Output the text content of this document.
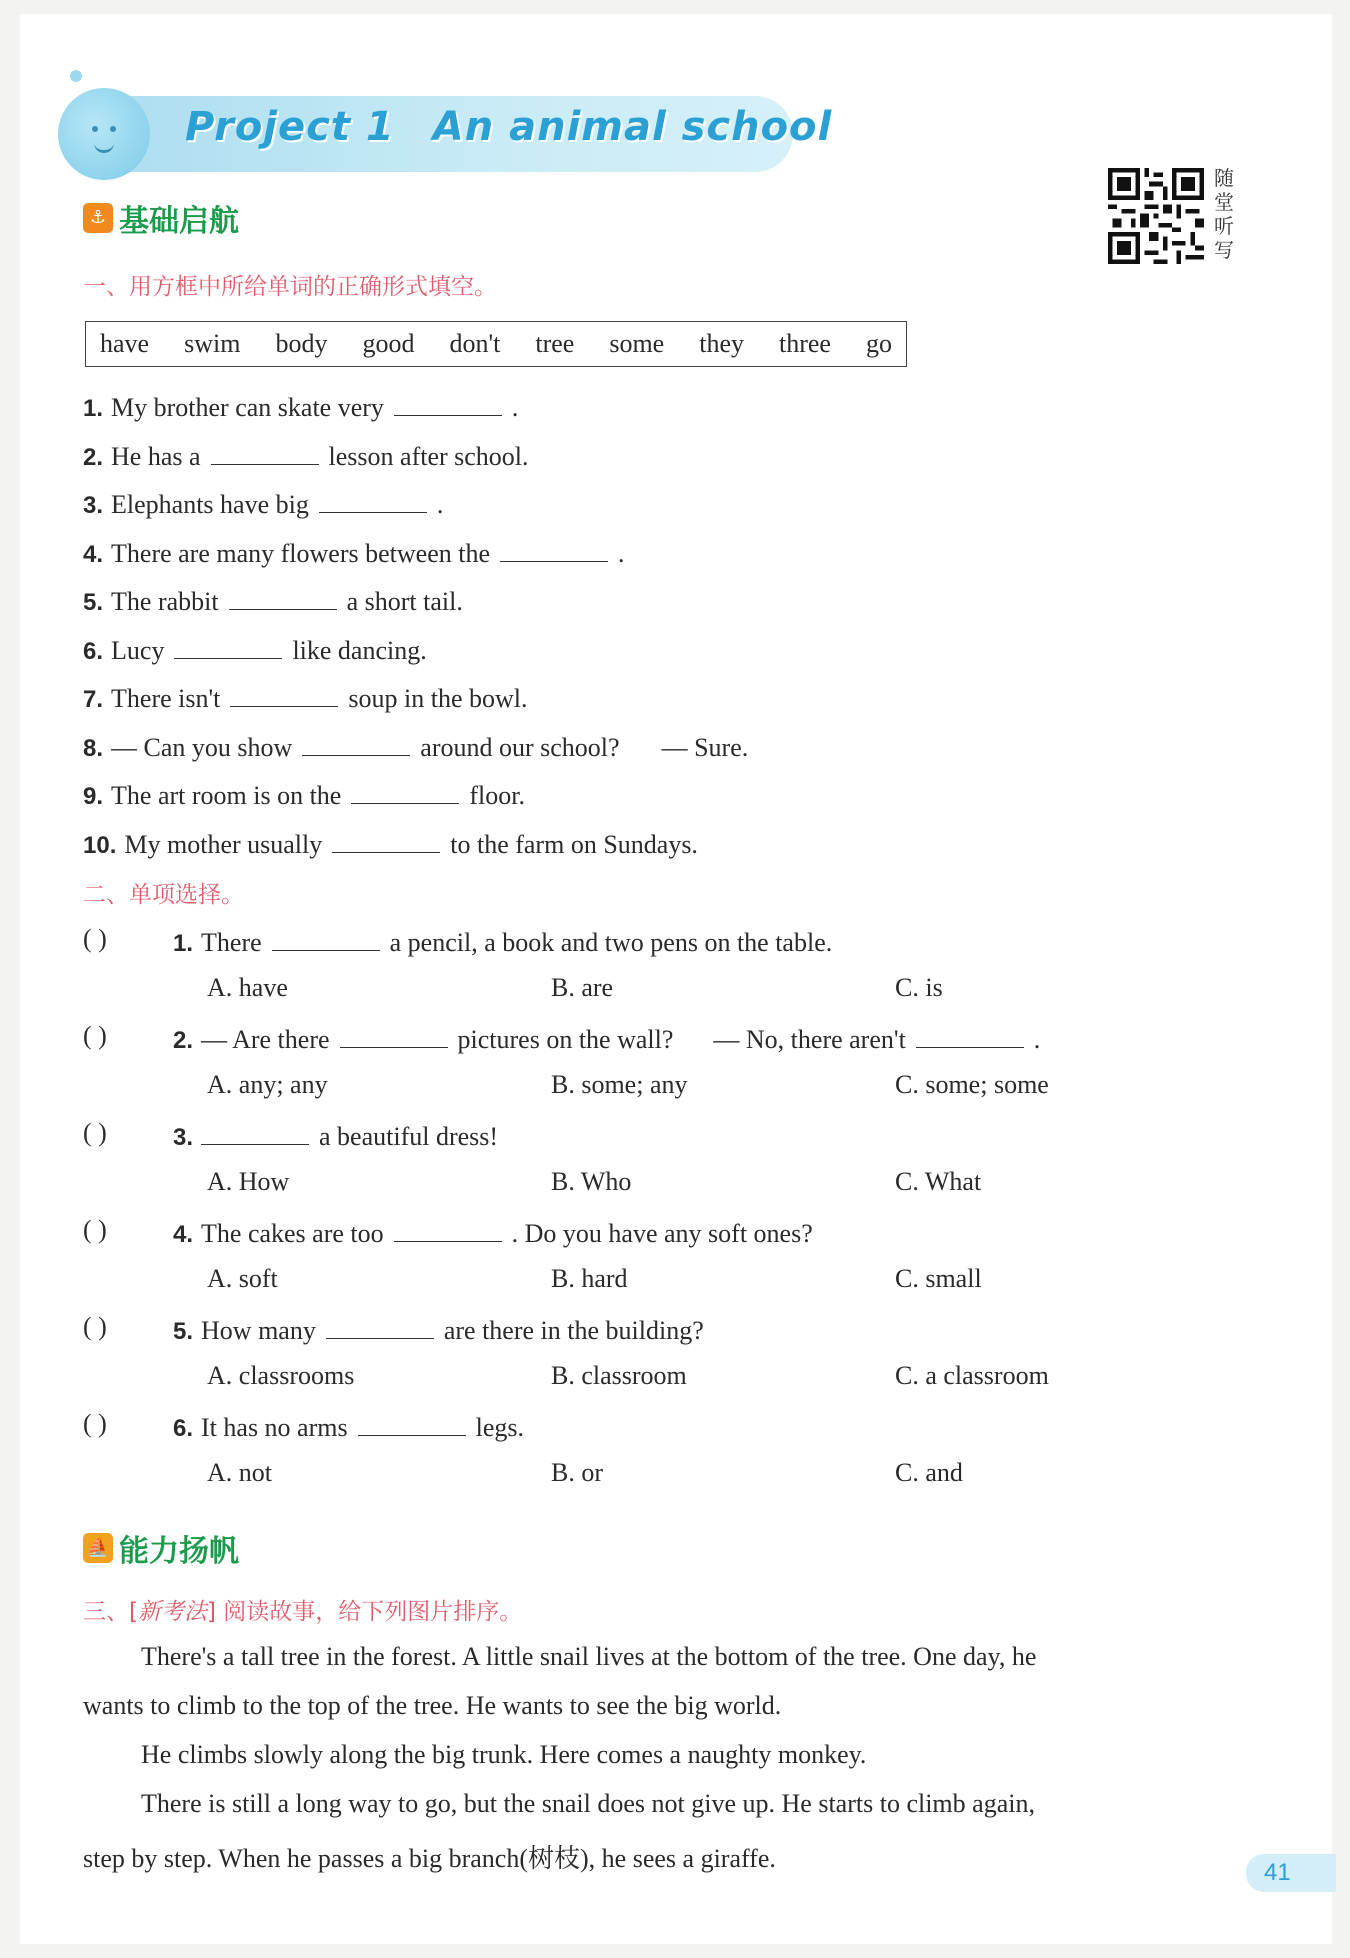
Project 1 An animal school
随堂听写
⚓ 基础启航
一、用方框中所给单词的正确形式填空。
have swim body good don't tree some they three go
1. My brother can skate very	.
2. He has a	lesson after school.
3. Elephants have big	.
4. There are many flowers between the	.
5. The rabbit	a short tail.
6. Lucy	like dancing.
7. There isn't	soup in the bowl.
8. — Can you show	around our school? — Sure.
9. The art room is on the	floor.
10. My mother usually	to the farm on Sundays.
二、单项选择。
( )	1. There	a pencil, a book and two pens on the table.
A. have	B. are	C. is
( )	2. — Are there	pictures on the wall? — No, there aren't	.
A. any; any	B. some; any	C. some; some
( )	3.	a beautiful dress!
A. How	B. Who	C. What
( )	4. The cakes are too	. Do you have any soft ones?
A. soft	B. hard	C. small
( )	5. How many	are there in the building?
A. classrooms	B. classroom	C. a classroom
( )	6. It has no arms	legs.
A. not	B. or	C. and
⛵ 能力扬帆
三、[新考法] 阅读故事，给下列图片排序。
There's a tall tree in the forest. A little snail lives at the bottom of the tree. One day, he
wants to climb to the top of the tree. He wants to see the big world.
He climbs slowly along the big trunk. Here comes a naughty monkey.
There is still a long way to go, but the snail does not give up. He starts to climb again,
step by step. When he passes a big branch(树枝), he sees a giraffe.	41
